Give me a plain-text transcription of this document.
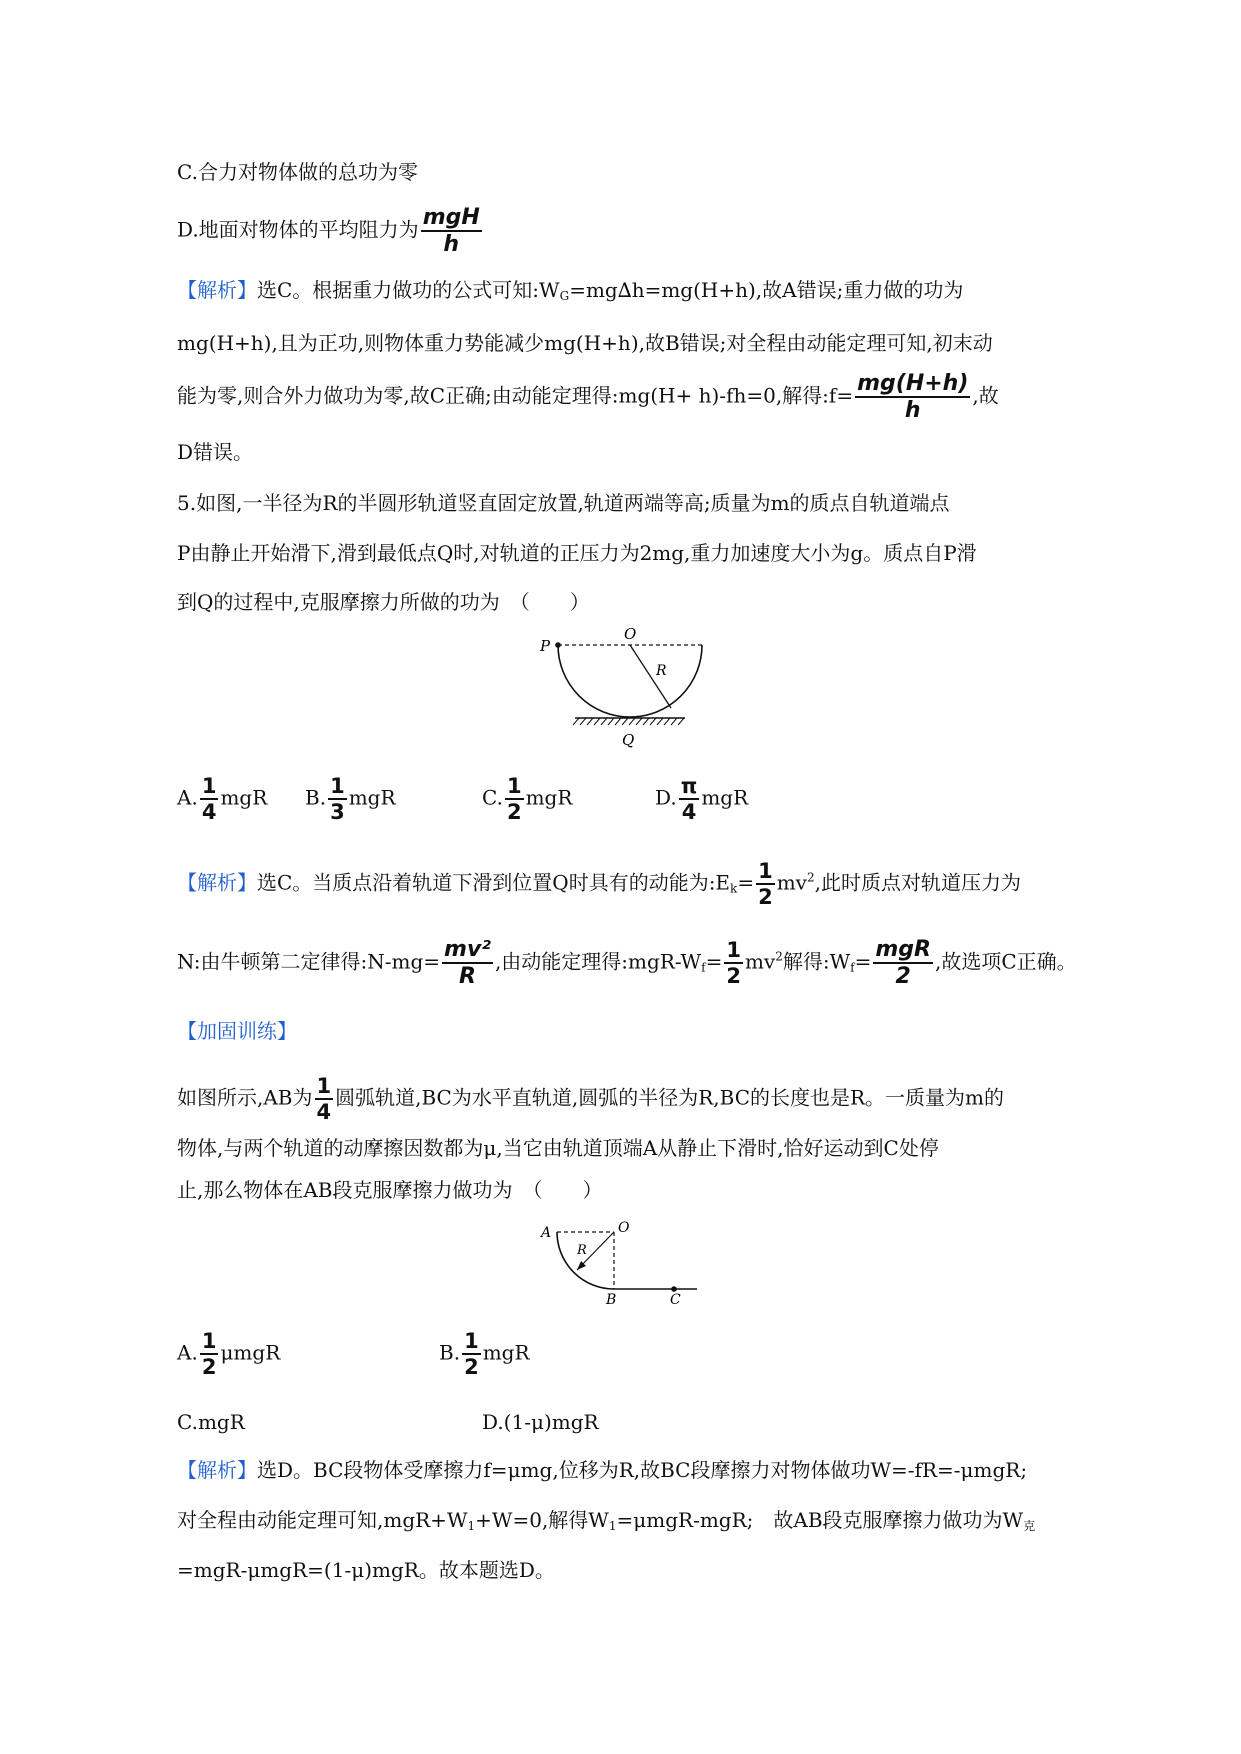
C.合力对物体做的总功为零
D.地面对物体的平均阻力为 $\frac{\text{mgH}}{h}$
【解析】选C。根据重力做功的公式可知$:W_G=mg\Delta h=mg(H+h)$,故A错误;重力做的功为
mg(H+h),且为正功,则物体重力势能减少mg(H+h),故B错误;对全程由动能定理可知,初末动
能为零,则合外力做功为零,故C正确;由动能定理得:mg(H+ h)-fh=0,解得:f= $\frac{mg(H+h)}{h}$ ,故
D错误。
5.如图,一半径为R的半圆形轨道竖直固定放置,轨道两端等高;质量为m的质点自轨道端点
P由静止开始滑下,滑到最低点Q时,对轨道的正压力为2mg,重力加速度大小为g。质点自P滑
到Q的过程中,克服摩擦力所做的功为　（　　）
P
O
R
Q
A. $\frac{1}{4}$ mgR B. $\frac{1}{3}$ mgR	C. $\frac{1}{2}$ mgR	D. $\frac{\pi}{4}$ mgR
【解析】选C。当质点沿着轨道下滑到位置Q时具有的动能为$:E_k= \frac{1}{2} mv^2$,此时质点对轨道压力为
N:由牛顿第二定律得:N-mg= $\frac{\text{mv²}}{R}$ ,由动能定理得$:mgR-W_f= \frac{1}{2} mv^2$解得$:W_f= \frac{\text{mgR}}{2}$ ,故选项C正确。
【加固训练】
如图所示,AB为 $\frac{1}{4}$ 圆弧轨道,BC为水平直轨道,圆弧的半径为R,BC的长度也是R。一质量为m的
物体,与两个轨道的动摩擦因数都为μ,当它由轨道顶端A从静止下滑时,恰好运动到C处停
止,那么物体在AB段克服摩擦力做功为　（　　）
A	O
R
B	C
A. $\frac{1}{2}$ μmgR	B. $\frac{1}{2}$ mgR
C.mgR	D.(1-μ)mgR
【解析】选D。BC段物体受摩擦力f=μmg,位移为R,故BC段摩擦力对物体做功W=-fR=-μmgR;
对全程由动能定理可知$,mgR+W_1+W=0$,解得$W_1=\mu mgR$-mgR;　故AB段克服摩擦力做功为$W_克$
=mgR-μmgR=(1-μ)mgR。故本题选D。
